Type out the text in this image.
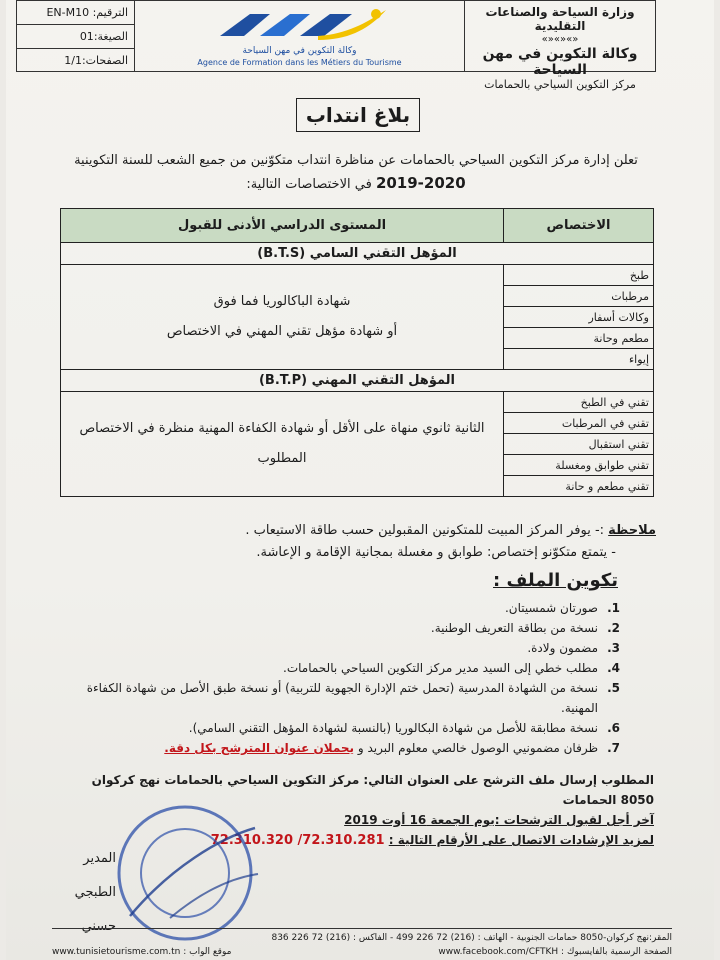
الترقيم: EN-M10
الصيغة:01
الصفحات:1/1
وكالة التكوين في مهن السياحة
Agence de Formation dans les Métiers du Tourisme
وزارة السياحة والصناعات التقليدية
«»«»«»
وكالة التكوين في مهن السياحة
مركز التكوين السياحي بالحمامات
بلاغ انتداب
تعلن إدارة مركز التكوين السياحي بالحمامات عن مناظرة انتداب متكوّنين من جميع الشعب للسنة التكوينية
2019-2020 في الاختصاصات التالية:
الاختصاص	المستوى الدراسي الأدنى للقبول
المؤهل التقني السامي (B.T.S)	
طبخ	شهادة الباكالوريا فما فوق
أو شهادة مؤهل تقني المهني في الاختصاص

مرطبات	
وكالات أسفار	
مطعم وحانة	
إيواء	
المؤهل التقني المهني (B.T.P)	
تقني في الطبخ	الثانية ثانوي منهاة على الأقل أو شهادة الكفاءة المهنية منظرة في الاختصاص
المطلوب

تقني في المرطبات	
تقني استقبال	
تقني طوابق ومغسلة	
تقني مطعم و حانة	
ملاحظة :- يوفر المركز المبيت للمتكونين المقبولين حسب طاقة الاستيعاب .
- يتمتع متكوّنو إختصاص: طوابق و مغسلة بمجانية الإقامة و الإعاشة.
تكوين الملف :
1.
صورتان شمسيتان.
2.
نسخة من بطاقة التعريف الوطنية.
3.
مضمون ولادة.
4.
مطلب خطي إلى السيد مدير مركز التكوين السياحي بالحمامات.
5.
نسخة من الشهادة المدرسية (تحمل ختم الإدارة الجهوية للتربية) أو نسخة طبق الأصل من شهادة الكفاءة المهنية.
6.
نسخة مطابقة للأصل من شهادة البكالوريا (بالنسبة لشهادة المؤهل التقني السامي).
7.
ظرفان مضمونيي الوصول خالصي معلوم البريد و يحملان عنوان المترشح بكل دقة.
المطلوب إرسال ملف الترشح على العنوان التالي: مركز التكوين السياحي بالحمامات نهج كركوان 8050 الحمامات
آخر أجل لقبول الترشحات :يوم الجمعة 16 أوت 2019
لمزيد الإرشادات الاتصال على الأرقام التالية : 72.310.281/ 72.310.320
المدير
الطبجي حسني
المقر:نهج كركوان-8050 حمامات الجنوبية - الهاتف : (216) 72 226 499 - الفاكس : (216) 72 226 836
الصفحة الرسمية بالفايسبوك : www.facebook.com/CFTKH
موقع الواب : www.tunisietourisme.com.tn
